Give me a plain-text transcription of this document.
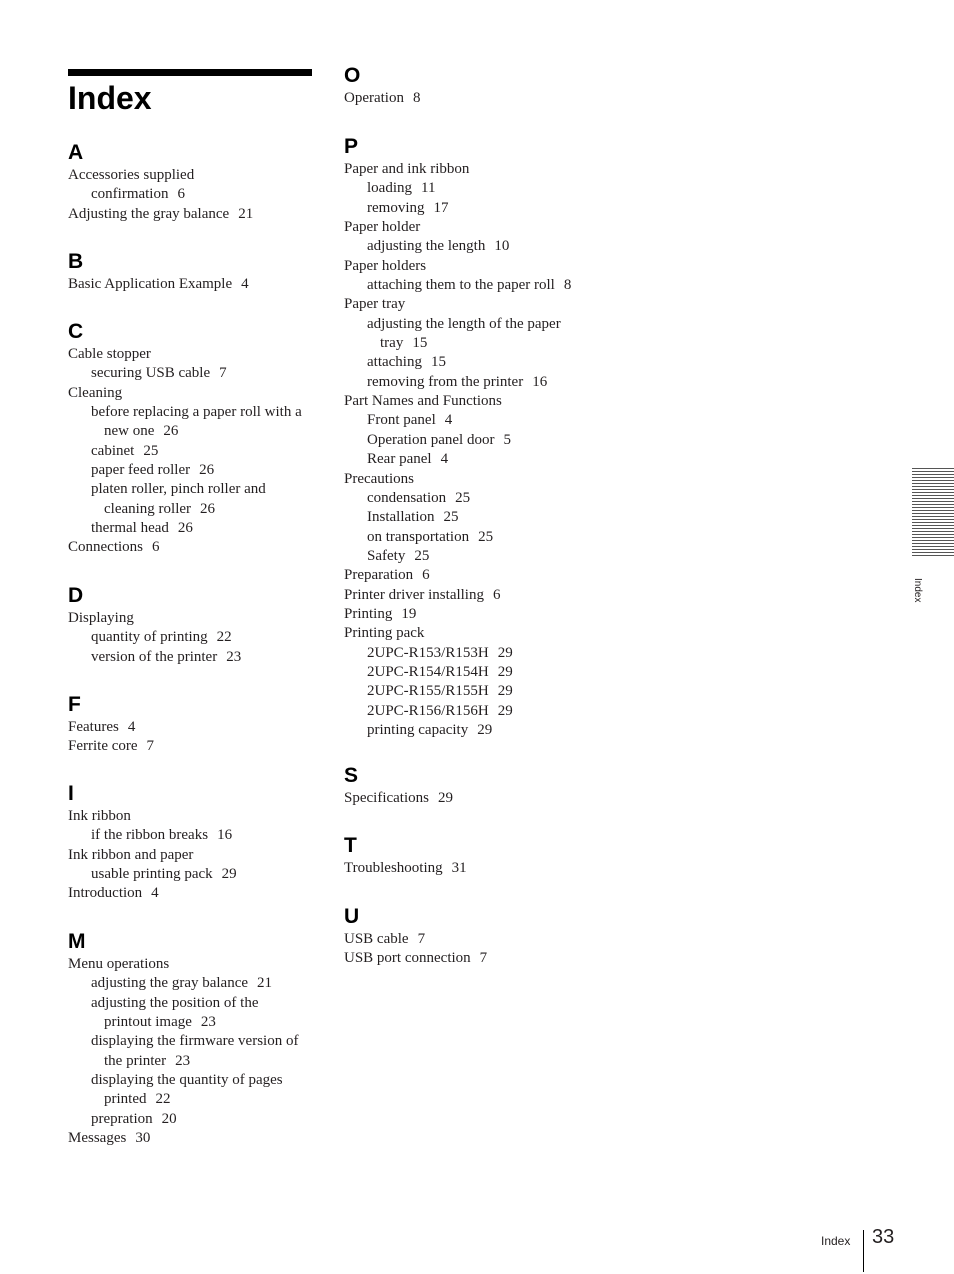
Index
A
Accessories supplied
confirmation 6
Adjusting the gray balance 21
B
Basic Application Example 4
C
Cable stopper
securing USB cable 7
Cleaning
before replacing a paper roll with a
new one 26
cabinet 25
paper feed roller 26
platen roller, pinch roller and
cleaning roller 26
thermal head 26
Connections 6
D
Displaying
quantity of printing 22
version of the printer 23
F
Features 4
Ferrite core 7
I
Ink ribbon
if the ribbon breaks 16
Ink ribbon and paper
usable printing pack 29
Introduction 4
M
Menu operations
adjusting the gray balance 21
adjusting the position of the
printout image 23
displaying the firmware version of
the printer 23
displaying the quantity of pages
printed 22
prepration 20
Messages 30
O
Operation 8
P
Paper and ink ribbon
loading 11
removing 17
Paper holder
adjusting the length 10
Paper holders
attaching them to the paper roll 8
Paper tray
adjusting the length of the paper
tray 15
attaching 15
removing from the printer 16
Part Names and Functions
Front panel 4
Operation panel door 5
Rear panel 4
Precautions
condensation 25
Installation 25
on transportation 25
Safety 25
Preparation 6
Printer driver installing 6
Printing 19
Printing pack
2UPC-R153/R153H 29
2UPC-R154/R154H 29
2UPC-R155/R155H 29
2UPC-R156/R156H 29
printing capacity 29
S
Specifications 29
T
Troubleshooting 31
U
USB cable 7
USB port connection 7
Index
Index 33
